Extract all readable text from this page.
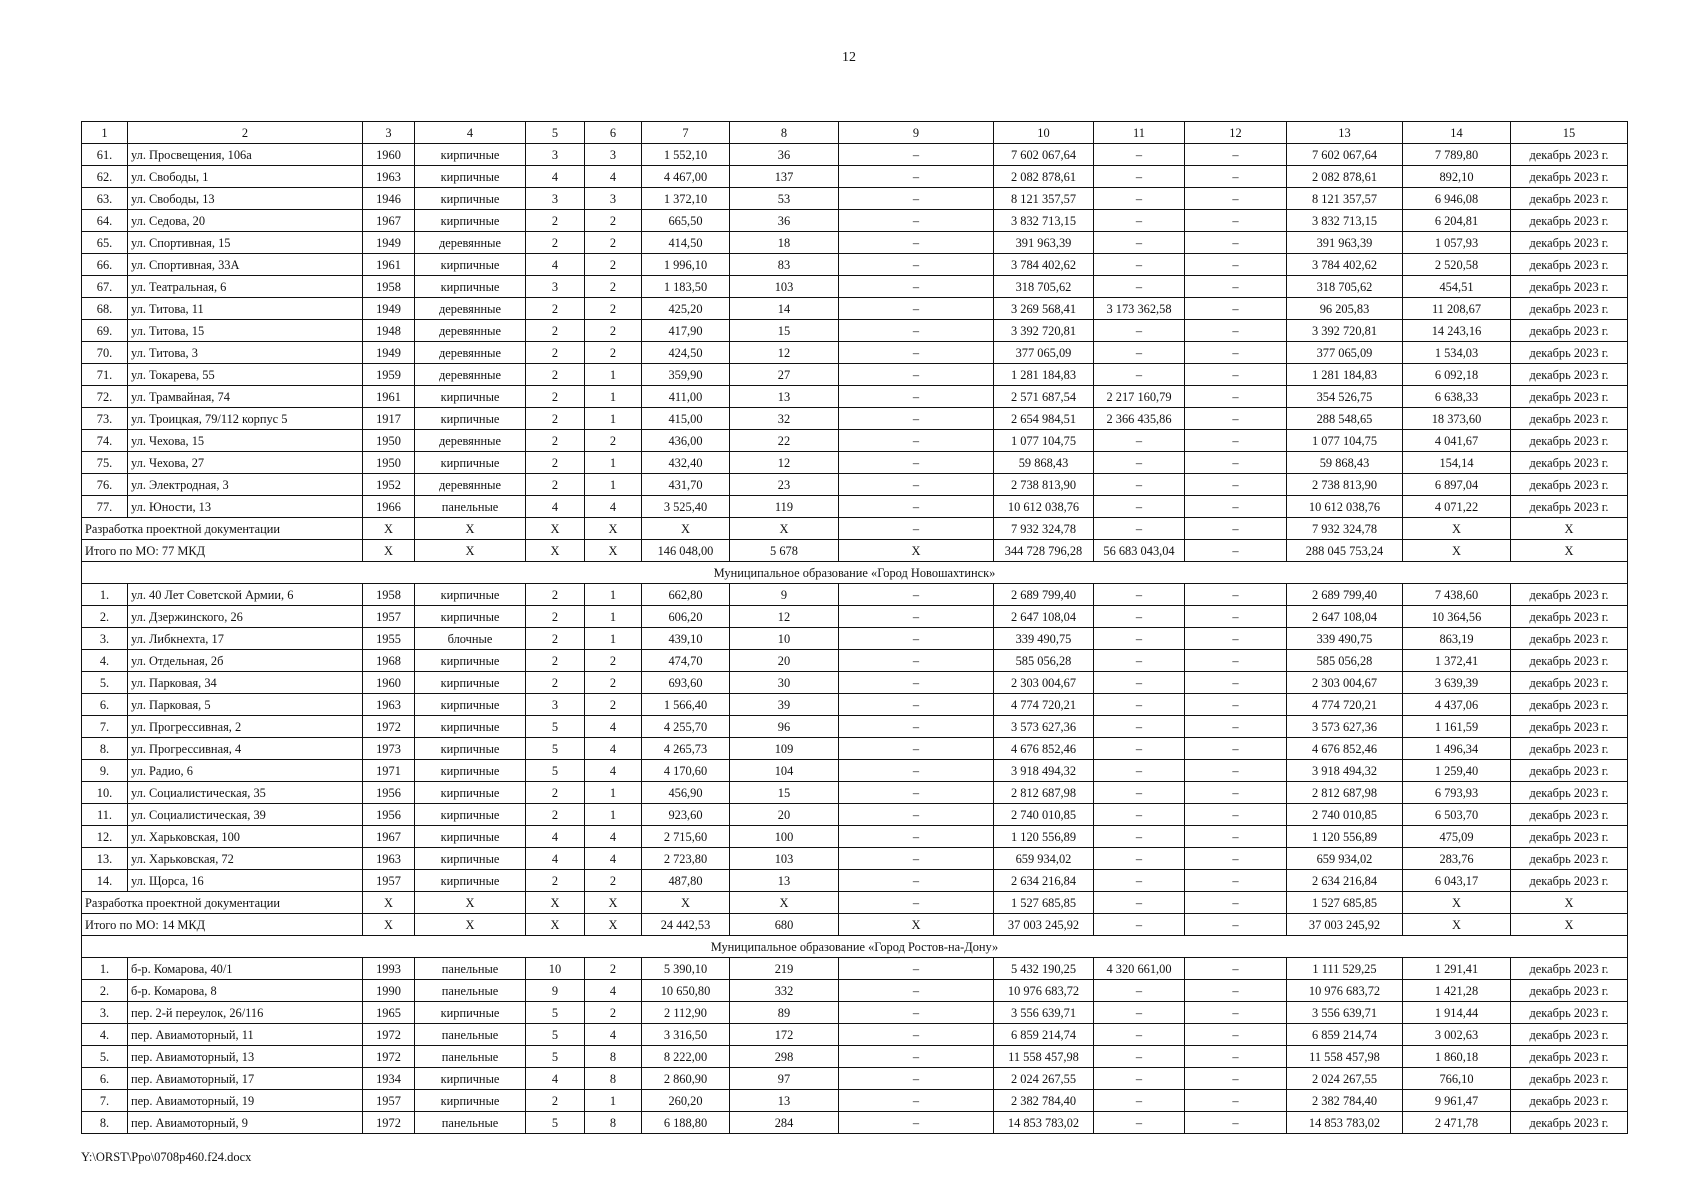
12
1	2	3	4	5	6	7	8	9	10	11	12	13	14	15
61.	ул. Просвещения, 106а	1960	кирпичные	3	3	1 552,10	36	–	7 602 067,64	–	–	7 602 067,64	7 789,80	декабрь 2023 г.
62.	ул. Свободы, 1	1963	кирпичные	4	4	4 467,00	137	–	2 082 878,61	–	–	2 082 878,61	892,10	декабрь 2023 г.
63.	ул. Свободы, 13	1946	кирпичные	3	3	1 372,10	53	–	8 121 357,57	–	–	8 121 357,57	6 946,08	декабрь 2023 г.
64.	ул. Седова, 20	1967	кирпичные	2	2	665,50	36	–	3 832 713,15	–	–	3 832 713,15	6 204,81	декабрь 2023 г.
65.	ул. Спортивная, 15	1949	деревянные	2	2	414,50	18	–	391 963,39	–	–	391 963,39	1 057,93	декабрь 2023 г.
66.	ул. Спортивная, 33А	1961	кирпичные	4	2	1 996,10	83	–	3 784 402,62	–	–	3 784 402,62	2 520,58	декабрь 2023 г.
67.	ул. Театральная, 6	1958	кирпичные	3	2	1 183,50	103	–	318 705,62	–	–	318 705,62	454,51	декабрь 2023 г.
68.	ул. Титова, 11	1949	деревянные	2	2	425,20	14	–	3 269 568,41	3 173 362,58	–	96 205,83	11 208,67	декабрь 2023 г.
69.	ул. Титова, 15	1948	деревянные	2	2	417,90	15	–	3 392 720,81	–	–	3 392 720,81	14 243,16	декабрь 2023 г.
70.	ул. Титова, 3	1949	деревянные	2	2	424,50	12	–	377 065,09	–	–	377 065,09	1 534,03	декабрь 2023 г.
71.	ул. Токарева, 55	1959	деревянные	2	1	359,90	27	–	1 281 184,83	–	–	1 281 184,83	6 092,18	декабрь 2023 г.
72.	ул. Трамвайная, 74	1961	кирпичные	2	1	411,00	13	–	2 571 687,54	2 217 160,79	–	354 526,75	6 638,33	декабрь 2023 г.
73.	ул. Троицкая, 79/112 корпус 5	1917	кирпичные	2	1	415,00	32	–	2 654 984,51	2 366 435,86	–	288 548,65	18 373,60	декабрь 2023 г.
74.	ул. Чехова, 15	1950	деревянные	2	2	436,00	22	–	1 077 104,75	–	–	1 077 104,75	4 041,67	декабрь 2023 г.
75.	ул. Чехова, 27	1950	кирпичные	2	1	432,40	12	–	59 868,43	–	–	59 868,43	154,14	декабрь 2023 г.
76.	ул. Электродная, 3	1952	деревянные	2	1	431,70	23	–	2 738 813,90	–	–	2 738 813,90	6 897,04	декабрь 2023 г.
77.	ул. Юности, 13	1966	панельные	4	4	3 525,40	119	–	10 612 038,76	–	–	10 612 038,76	4 071,22	декабрь 2023 г.
Разработка проектной документации		X	X	X	X	X	X	–	7 932 324,78	–	–	7 932 324,78	X	X
Итого по МО: 77 МКД		X	X	X	X	146 048,00	5 678	X	344 728 796,28	56 683 043,04	–	288 045 753,24	X	X
Муниципальное образование «Город Новошахтинск»														
1.	ул. 40 Лет Советской Армии, 6	1958	кирпичные	2	1	662,80	9	–	2 689 799,40	–	–	2 689 799,40	7 438,60	декабрь 2023 г.
2.	ул. Дзержинского, 26	1957	кирпичные	2	1	606,20	12	–	2 647 108,04	–	–	2 647 108,04	10 364,56	декабрь 2023 г.
3.	ул. Либкнехта, 17	1955	блочные	2	1	439,10	10	–	339 490,75	–	–	339 490,75	863,19	декабрь 2023 г.
4.	ул. Отдельная, 2б	1968	кирпичные	2	2	474,70	20	–	585 056,28	–	–	585 056,28	1 372,41	декабрь 2023 г.
5.	ул. Парковая, 34	1960	кирпичные	2	2	693,60	30	–	2 303 004,67	–	–	2 303 004,67	3 639,39	декабрь 2023 г.
6.	ул. Парковая, 5	1963	кирпичные	3	2	1 566,40	39	–	4 774 720,21	–	–	4 774 720,21	4 437,06	декабрь 2023 г.
7.	ул. Прогрессивная, 2	1972	кирпичные	5	4	4 255,70	96	–	3 573 627,36	–	–	3 573 627,36	1 161,59	декабрь 2023 г.
8.	ул. Прогрессивная, 4	1973	кирпичные	5	4	4 265,73	109	–	4 676 852,46	–	–	4 676 852,46	1 496,34	декабрь 2023 г.
9.	ул. Радио, 6	1971	кирпичные	5	4	4 170,60	104	–	3 918 494,32	–	–	3 918 494,32	1 259,40	декабрь 2023 г.
10.	ул. Социалистическая, 35	1956	кирпичные	2	1	456,90	15	–	2 812 687,98	–	–	2 812 687,98	6 793,93	декабрь 2023 г.
11.	ул. Социалистическая, 39	1956	кирпичные	2	1	923,60	20	–	2 740 010,85	–	–	2 740 010,85	6 503,70	декабрь 2023 г.
12.	ул. Харьковская, 100	1967	кирпичные	4	4	2 715,60	100	–	1 120 556,89	–	–	1 120 556,89	475,09	декабрь 2023 г.
13.	ул. Харьковская, 72	1963	кирпичные	4	4	2 723,80	103	–	659 934,02	–	–	659 934,02	283,76	декабрь 2023 г.
14.	ул. Щорса, 16	1957	кирпичные	2	2	487,80	13	–	2 634 216,84	–	–	2 634 216,84	6 043,17	декабрь 2023 г.
Разработка проектной документации		X	X	X	X	X	X	–	1 527 685,85	–	–	1 527 685,85	X	X
Итого по МО: 14 МКД		X	X	X	X	24 442,53	680	X	37 003 245,92	–	–	37 003 245,92	X	X
Муниципальное образование «Город Ростов-на-Дону»														
1.	б-р. Комарова, 40/1	1993	панельные	10	2	5 390,10	219	–	5 432 190,25	4 320 661,00	–	1 111 529,25	1 291,41	декабрь 2023 г.
2.	б-р. Комарова, 8	1990	панельные	9	4	10 650,80	332	–	10 976 683,72	–	–	10 976 683,72	1 421,28	декабрь 2023 г.
3.	пер. 2-й переулок, 26/116	1965	кирпичные	5	2	2 112,90	89	–	3 556 639,71	–	–	3 556 639,71	1 914,44	декабрь 2023 г.
4.	пер. Авиамоторный, 11	1972	панельные	5	4	3 316,50	172	–	6 859 214,74	–	–	6 859 214,74	3 002,63	декабрь 2023 г.
5.	пер. Авиамоторный, 13	1972	панельные	5	8	8 222,00	298	–	11 558 457,98	–	–	11 558 457,98	1 860,18	декабрь 2023 г.
6.	пер. Авиамоторный, 17	1934	кирпичные	4	8	2 860,90	97	–	2 024 267,55	–	–	2 024 267,55	766,10	декабрь 2023 г.
7.	пер. Авиамоторный, 19	1957	кирпичные	2	1	260,20	13	–	2 382 784,40	–	–	2 382 784,40	9 961,47	декабрь 2023 г.
8.	пер. Авиамоторный, 9	1972	панельные	5	8	6 188,80	284	–	14 853 783,02	–	–	14 853 783,02	2 471,78	декабрь 2023 г.
Y:\ORST\Ppo\0708p460.f24.docx
